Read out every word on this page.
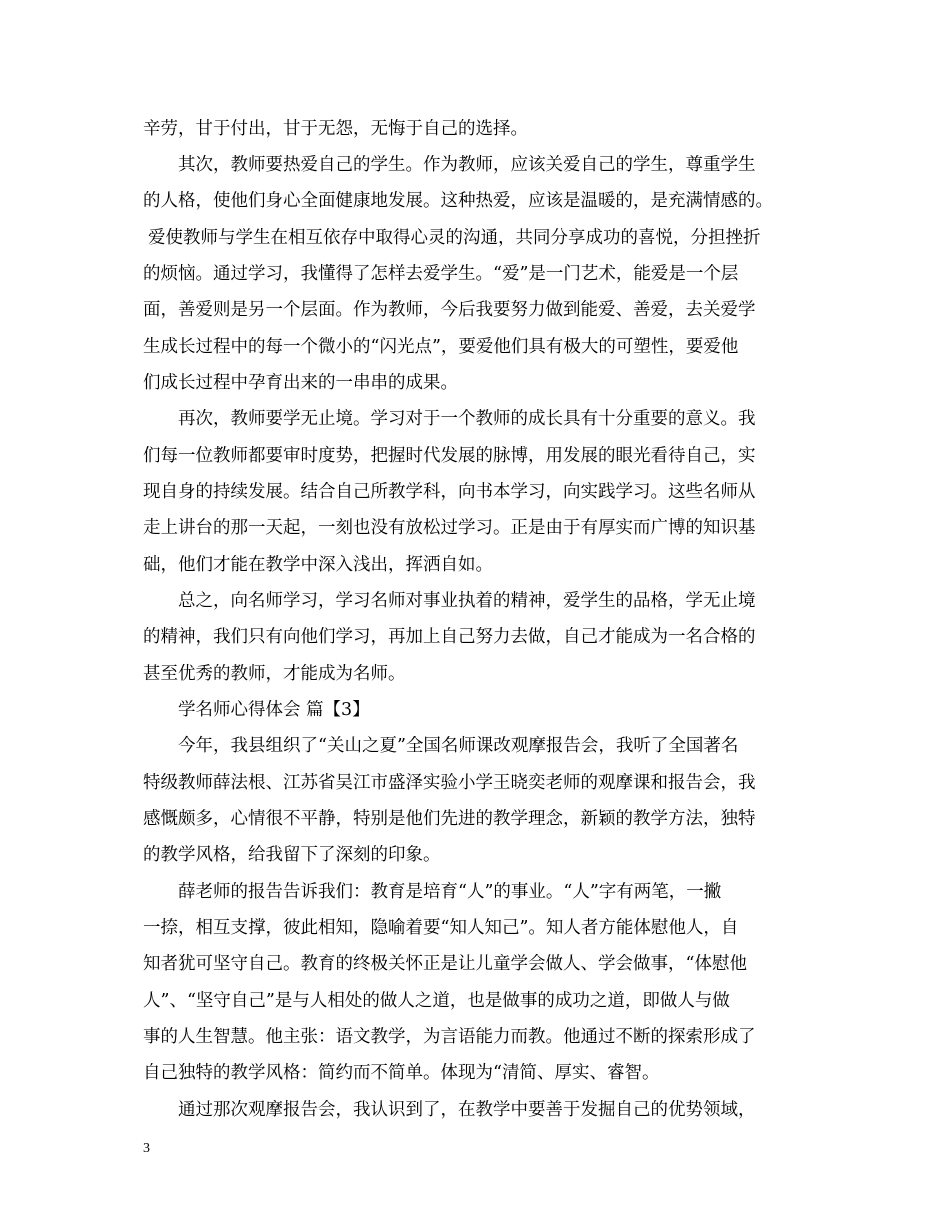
辛劳，甘于付出，甘于无怨，无悔于自己的选择。
其次，教师要热爱自己的学生。作为教师，应该关爱自己的学生，尊重学生
的人格，使他们身心全面健康地发展。这种热爱，应该是温暖的，是充满情感的。
爱使教师与学生在相互依存中取得心灵的沟通，共同分享成功的喜悦，分担挫折
的烦恼。通过学习，我懂得了怎样去爱学生。“爱”是一门艺术，能爱是一个层
面，善爱则是另一个层面。作为教师，今后我要努力做到能爱、善爱，去关爱学
生成长过程中的每一个微小的“闪光点”，要爱他们具有极大的可塑性，要爱他
们成长过程中孕育出来的一串串的成果。
再次，教师要学无止境。学习对于一个教师的成长具有十分重要的意义。我
们每一位教师都要审时度势，把握时代发展的脉博，用发展的眼光看待自己，实
现自身的持续发展。结合自己所教学科，向书本学习，向实践学习。这些名师从
走上讲台的那一天起，一刻也没有放松过学习。正是由于有厚实而广博的知识基
础，他们才能在教学中深入浅出，挥洒自如。
总之，向名师学习，学习名师对事业执着的精神，爱学生的品格，学无止境
的精神，我们只有向他们学习，再加上自己努力去做，自己才能成为一名合格的
甚至优秀的教师，才能成为名师。
学名师心得体会 篇【3】
今年，我县组织了“关山之夏”全国名师课改观摩报告会，我听了全国著名
特级教师薛法根、江苏省吴江市盛泽实验小学王晓奕老师的观摩课和报告会，我
感慨颇多，心情很不平静，特别是他们先进的教学理念，新颖的教学方法，独特
的教学风格，给我留下了深刻的印象。
薛老师的报告告诉我们：教育是培育“人”的事业。“人”字有两笔，一撇
一捺，相互支撑，彼此相知，隐喻着要“知人知己”。知人者方能体慰他人，自
知者犹可坚守自己。教育的终极关怀正是让儿童学会做人、学会做事，“体慰他
人”、“坚守自己”是与人相处的做人之道，也是做事的成功之道，即做人与做
事的人生智慧。他主张：语文教学，为言语能力而教。他通过不断的探索形成了
自己独特的教学风格：简约而不简单。体现为“清简、厚实、睿智。
通过那次观摩报告会，我认识到了，在教学中要善于发掘自己的优势领域，
3
